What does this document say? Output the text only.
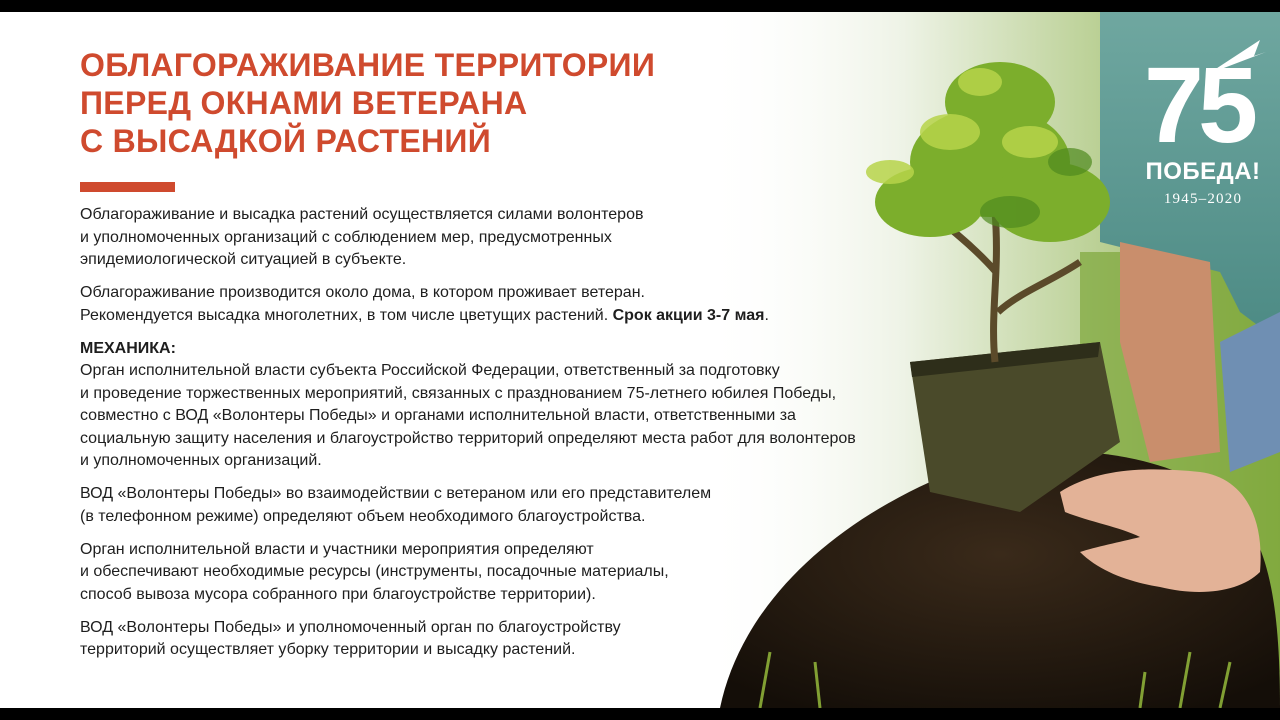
ОБЛАГОРАЖИВАНИЕ ТЕРРИТОРИИ
ПЕРЕД ОКНАМИ ВЕТЕРАНА
С ВЫСАДКОЙ РАСТЕНИЙ

Облагораживание и высадка растений осуществляется силами волонтеров
и уполномоченных организаций с соблюдением мер, предусмотренных
эпидемиологической ситуацией в субъекте.

Облагораживание производится около дома, в котором проживает ветеран.
Рекомендуется высадка многолетних, в том числе цветущих растений. Срок акции 3-7 мая.

МЕХАНИКА:
Орган исполнительной власти субъекта Российской Федерации, ответственный за подготовку
и проведение торжественных мероприятий, связанных с празднованием 75-летнего юбилея Победы,
совместно с ВОД «Волонтеры Победы» и органами исполнительной власти, ответственными за
социальную защиту населения и благоустройство территорий определяют места работ для волонтеров
и уполномоченных организаций.

ВОД «Волонтеры Победы» во взаимодействии с ветераном или его представителем
(в телефонном режиме) определяют объем необходимого благоустройства.

Орган исполнительной власти и участники мероприятия определяют
и обеспечивают необходимые ресурсы (инструменты, посадочные материалы,
способ вывоза мусора собранного при благоустройстве территории).

ВОД «Волонтеры Победы» и уполномоченный орган по благоустройству
территорий осуществляет уборку территории и высадку растений.

75
ПОБЕДА!
1945–2020
